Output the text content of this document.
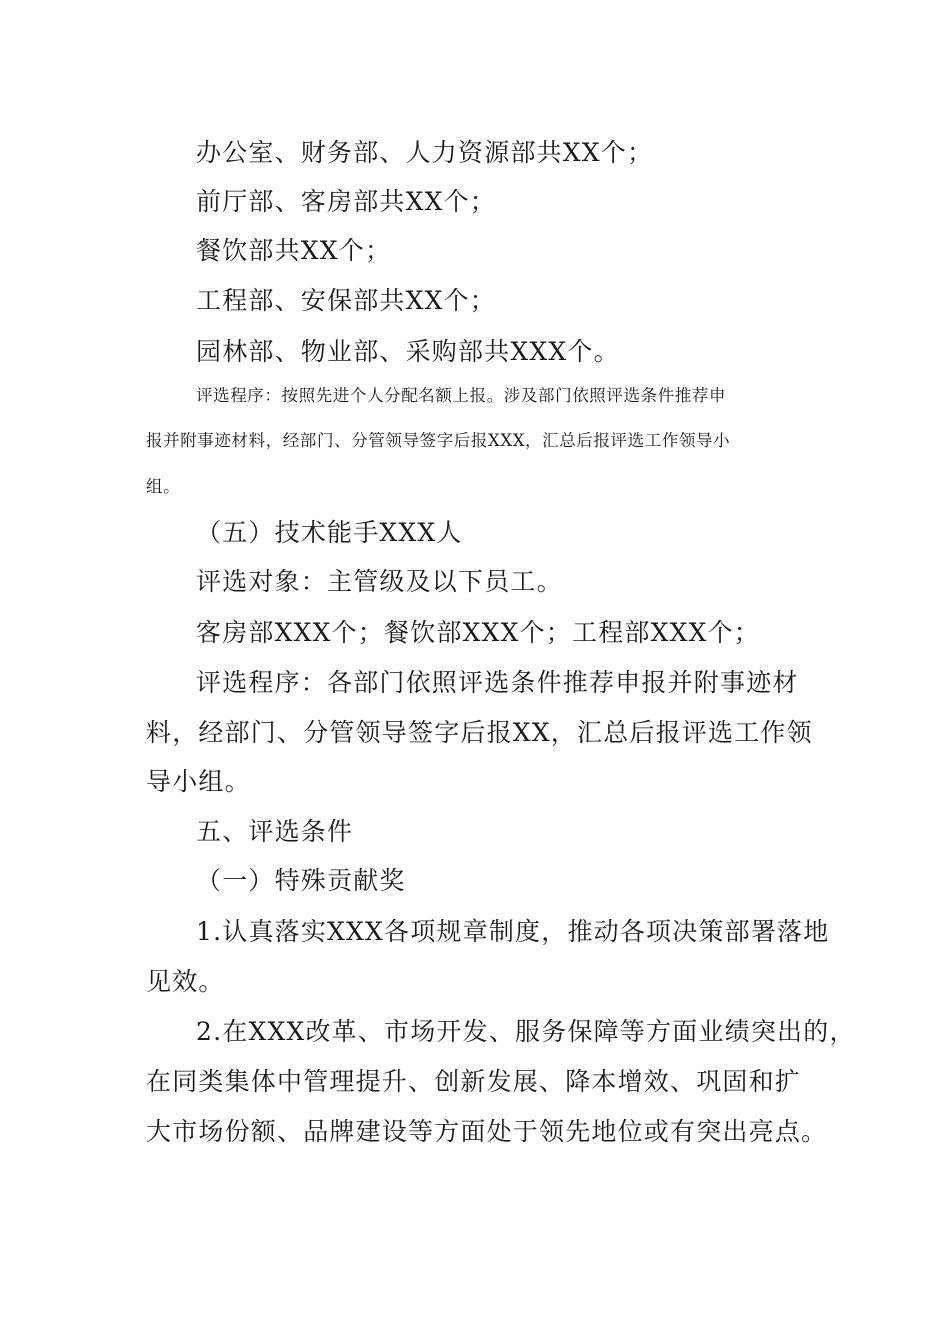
办公室、财务部、人力资源部共XX个；
前厅部、客房部共XX个；
餐饮部共XX个；
工程部、安保部共XX个；
园林部、物业部、采购部共XXX个。
评选程序：按照先进个人分配名额上报。涉及部门依照评选条件推荐申
报并附事迹材料，经部门、分管领导签字后报XXX，汇总后报评选工作领导小
组。
（五）技术能手XXX人
评选对象：主管级及以下员工。
客房部XXX个；餐饮部XXX个；工程部XXX个；
评选程序：各部门依照评选条件推荐申报并附事迹材
料，经部门、分管领导签字后报XX，汇总后报评选工作领
导小组。
五、评选条件
（一）特殊贡献奖
1.认真落实XXX各项规章制度，推动各项决策部署落地
见效。
2.在XXX改革、市场开发、服务保障等方面业绩突出的，
在同类集体中管理提升、创新发展、降本增效、巩固和扩
大市场份额、品牌建设等方面处于领先地位或有突出亮点。
